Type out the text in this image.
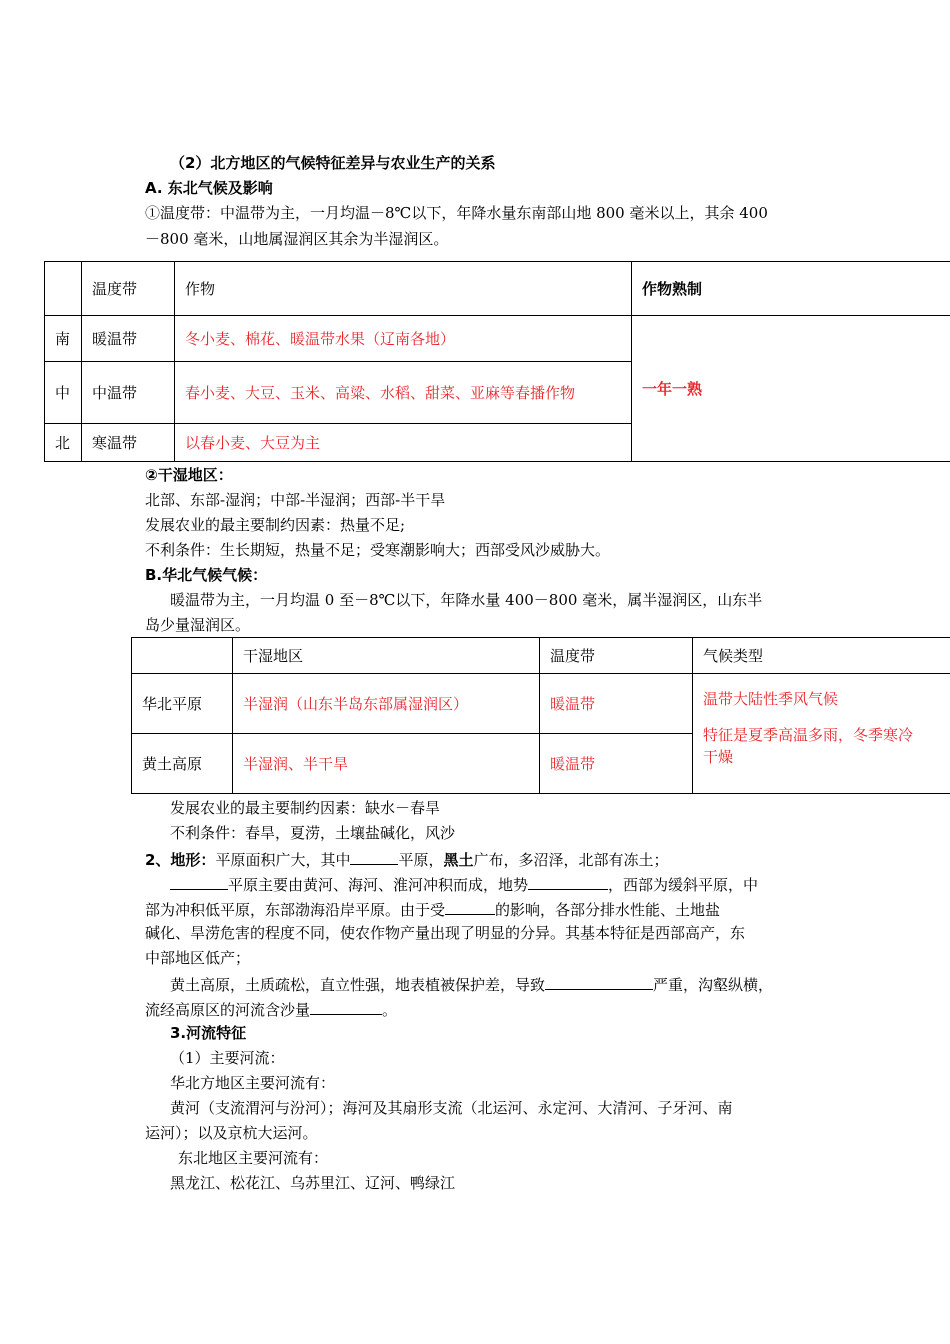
（2）北方地区的气候特征差异与农业生产的关系
A. 东北气候及影响
①温度带：中温带为主，一月均温－8℃以下，年降水量东南部山地 800 毫米以上，其余 400
－800 毫米，山地属湿润区其余为半湿润区。
	温度带	作物	作物熟制
南	暖温带	冬小麦、棉花、暖温带水果（辽南各地）	一年一熟
中	中温带	春小麦、大豆、玉米、高粱、水稻、甜菜、亚麻等春播作物	
北	寒温带	以春小麦、大豆为主	
②干湿地区：
北部、东部-湿润；中部-半湿润；西部-半干旱
发展农业的最主要制约因素：热量不足;
不利条件：生长期短，热量不足；受寒潮影响大；西部受风沙威胁大。
B.华北气候气候：
暖温带为主，一月均温 0 至－8℃以下，年降水量 400－800 毫米，属半湿润区，山东半
岛少量湿润区。
	干湿地区	温度带	气候类型
华北平原	半湿润（山东半岛东部属湿润区）	暖温带	温带大陆性季风气候
特征是夏季高温多雨，冬季寒冷
干燥

黄土高原	半湿润、半干旱	暖温带	
发展农业的最主要制约因素：缺水－春旱
不利条件：春旱，夏涝，土壤盐碱化，风沙
2、地形：平原面积广大，其中	平原，黑土广布，多沼泽，北部有冻土；
平原主要由黄河、海河、淮河冲积而成，地势	，西部为缓斜平原，中
部为冲积低平原，东部渤海沿岸平原。由于受	的影响，各部分排水性能、土地盐
碱化、旱涝危害的程度不同，使农作物产量出现了明显的分异。其基本特征是西部高产，东
中部地区低产；
黄土高原，土质疏松，直立性强，地表植被保护差，导致	严重，沟壑纵横，
流经高原区的河流含沙量	。
3.河流特征
（1）主要河流：
华北方地区主要河流有：
黄河（支流渭河与汾河）；海河及其扇形支流（北运河、永定河、大清河、子牙河、南
运河）；以及京杭大运河。
东北地区主要河流有：
黑龙江、松花江、乌苏里江、辽河、鸭绿江
